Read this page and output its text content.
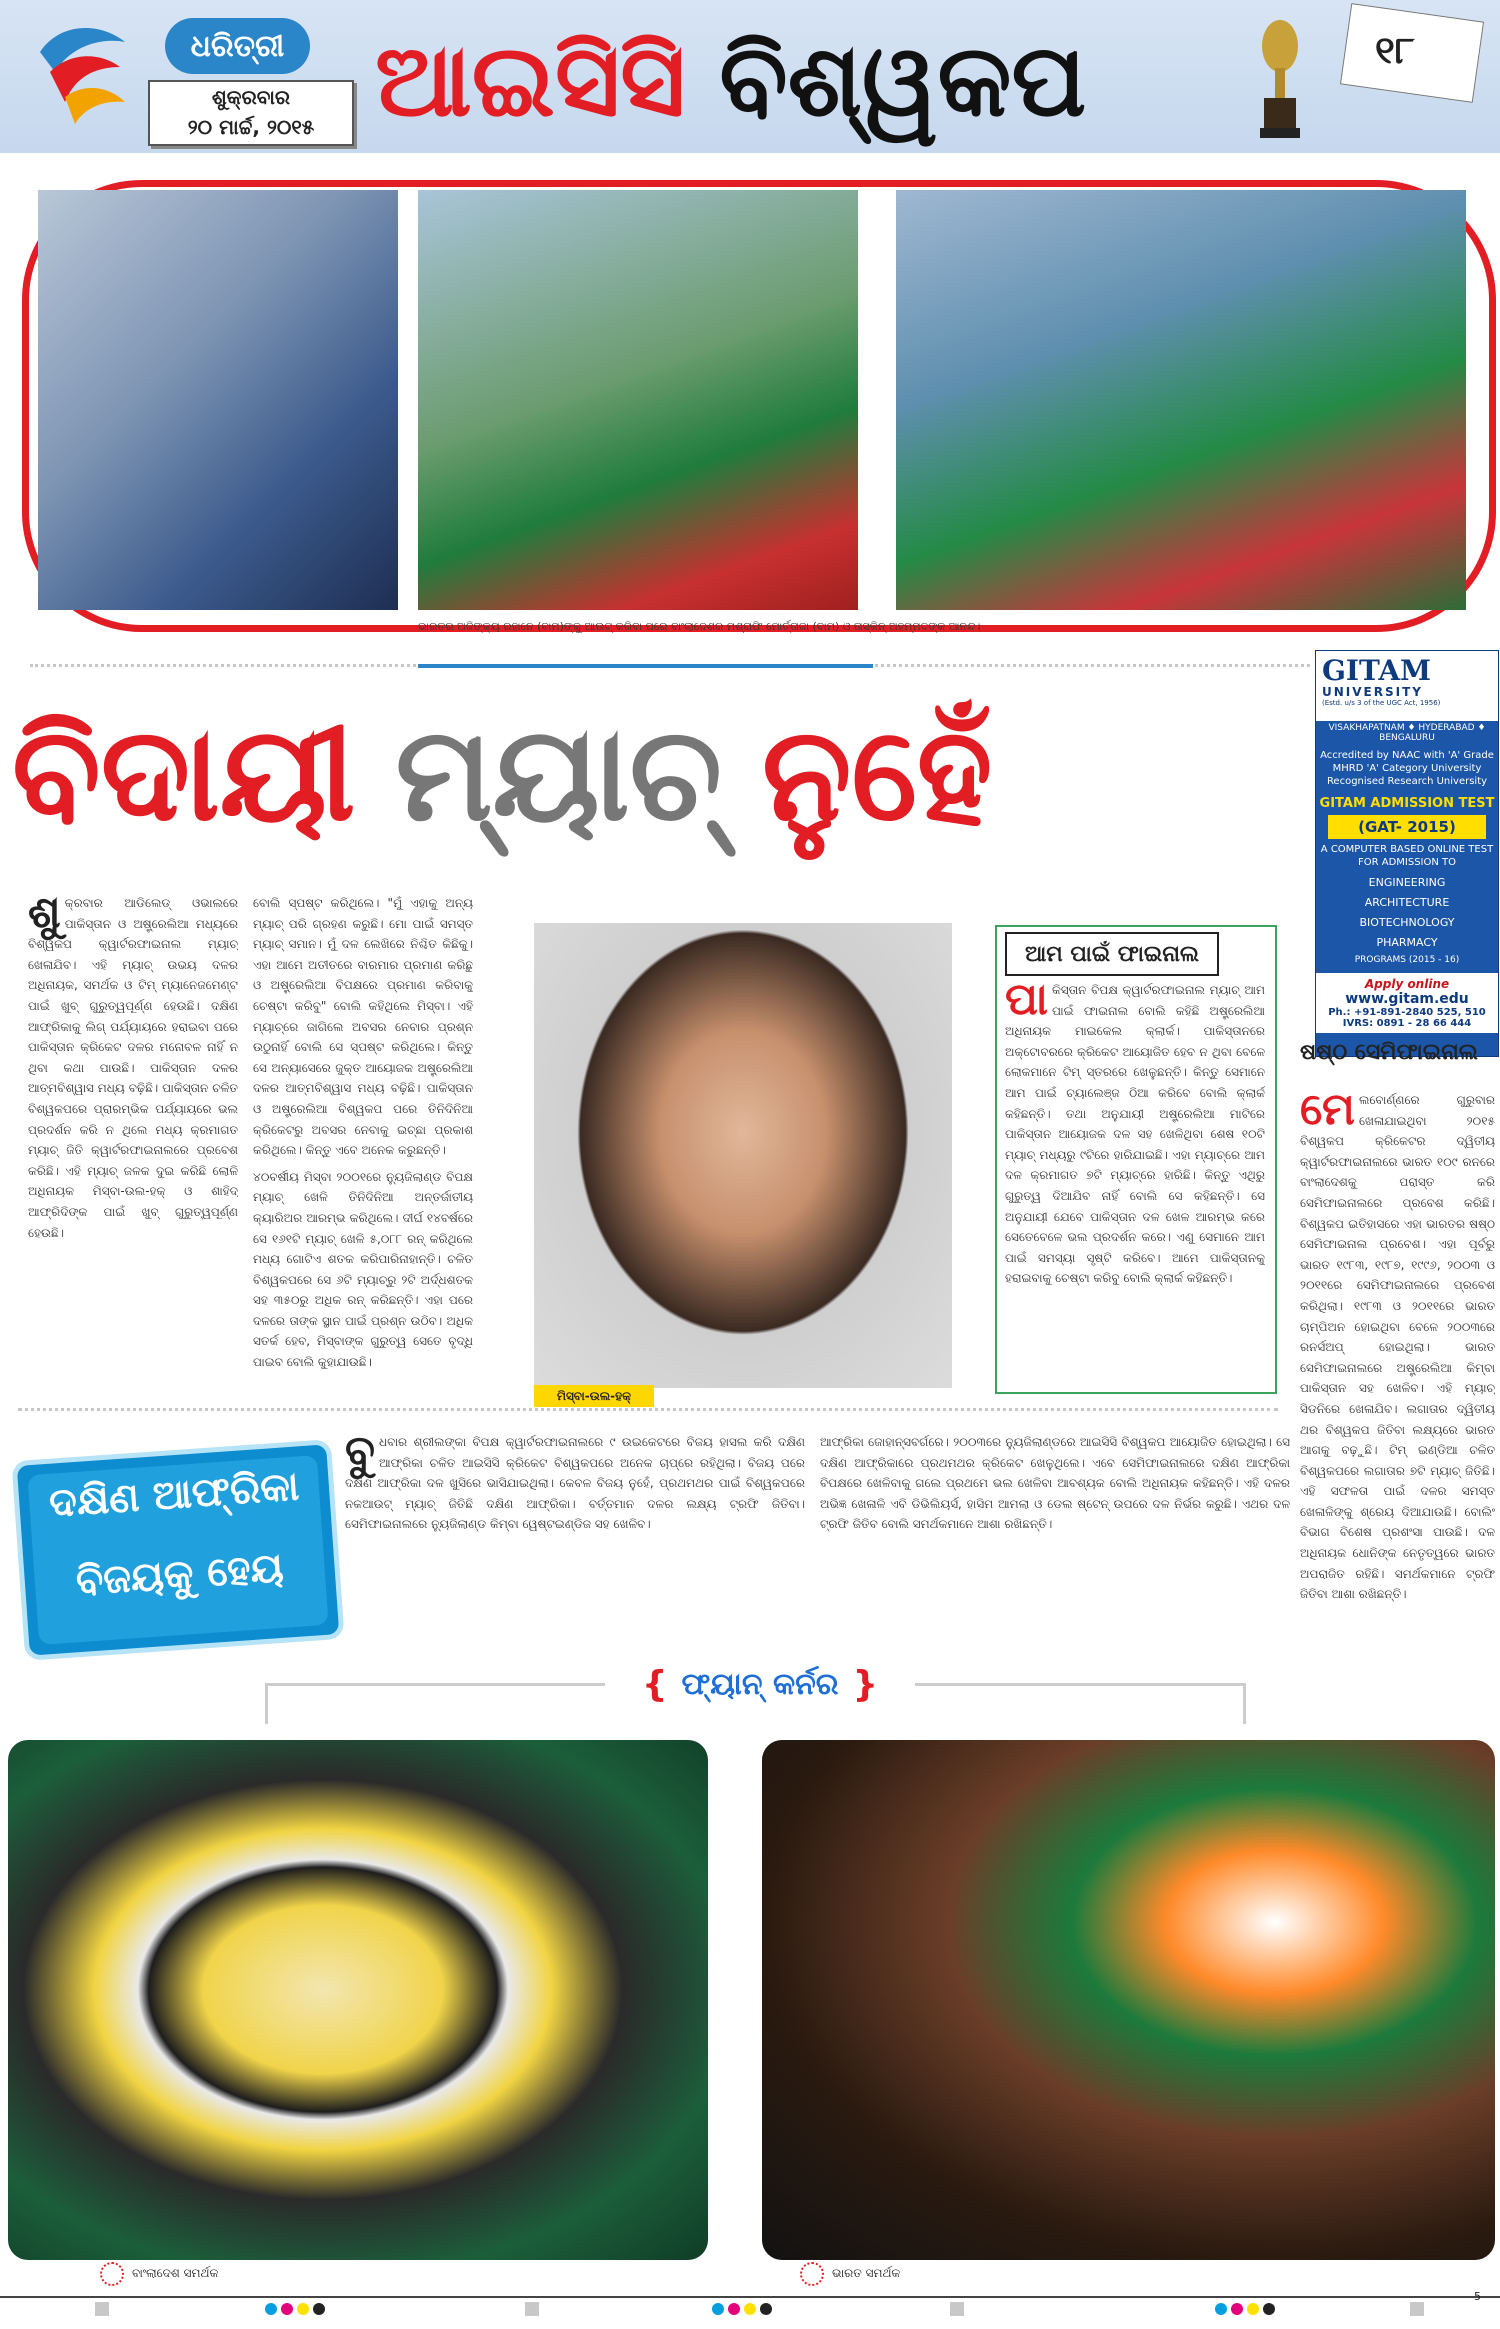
ଧରିତ୍ରୀ
ଶୁକ୍ରବାର
୨୦ ମାର୍ଚ୍ଚ, ୨୦୧୫ ଆଇସିସି ବିଶ୍ୱକପ	୧୮
ଭାରତର ଅଜିଙ୍କ୍ୟ ରହାନେ (ବାମ)ଙ୍କୁ ଆଉଟ୍ କରିବା ପରେ ବାଂଲାଦେଶର ମଶ୍ରାଫି ମୋର୍ତ୍ତାଜା (ବାମ) ଓ ତାସ୍କିନ୍ ଅହମ୍ମଦଙ୍କ ଆନନ୍ଦ।
ବିଦାୟୀ ମ୍ୟାଚ୍ ନୁହେଁ
GITAM
UNIVERSITY
(Estd. u/s 3 of the UGC Act, 1956)
VISAKHAPATNAM ♦ HYDERABAD ♦ BENGALURU
Accredited by NAAC with 'A' Grade MHRD 'A' Category University Recognised Research University
GITAM ADMISSION TEST
(GAT- 2015)
A COMPUTER BASED ONLINE TEST FOR ADMISSION TO
ENGINEERING
ARCHITECTURE
BIOTECHNOLOGY
PHARMACY
PROGRAMS (2015 - 16)
Apply online
www.gitam.edu
Ph.: +91-891-2840 525, 510
IVRS: 0891 - 28 66 444
ଶୁକ୍ରବାର ଆଡିଲେଡ୍ ଓଭାଲରେ ପାକିସ୍ତାନ ଓ ଅଷ୍ଟ୍ରେଲିଆ ମଧ୍ୟରେ ବିଶ୍ୱକପ କ୍ୱାର୍ଟରଫାଇନାଲ ମ୍ୟାଚ୍ ଖେଳାଯିବ। ଏହି ମ୍ୟାଚ୍ ଉଭୟ ଦଳର ଅଧିନାୟକ, ସମର୍ଥକ ଓ ଟିମ୍ ମ୍ୟାନେଜମେଣ୍ଟ ପାଇଁ ଖୁବ୍ ଗୁରୁତ୍ୱପୂର୍ଣ୍ଣ ହେଉଛି। ଦକ୍ଷିଣ ଆଫ୍ରିକାକୁ ଲିଗ୍ ପର୍ଯ୍ୟାୟରେ ହରାଇବା ପରେ ପାକିସ୍ତାନ କ୍ରିକେଟ ଦଳର ମନୋବଳ ନାହିଁ ନ ଥିବା କଥା ପାଉଛି। ପାକିସ୍ତାନ ଦଳର ଆତ୍ମବିଶ୍ୱାସ ମଧ୍ୟ ବଢ଼ିଛି। ପାକିସ୍ତାନ ଚଳିତ ବିଶ୍ୱକପରେ ପ୍ରାରମ୍ଭିକ ପର୍ଯ୍ୟାୟରେ ଭଲ ପ୍ରଦର୍ଶନ କରି ନ ଥିଲେ ମଧ୍ୟ କ୍ରମାଗତ ମ୍ୟାଚ୍ ଜିତି କ୍ୱାର୍ଟରଫାଇନାଲରେ ପ୍ରବେଶ କରିଛି। ଏହି ମ୍ୟାଚ୍ ଜଳକ ଦୁଇ କରିଛି ଲୋଳି ଅଧିନାୟକ ମିସ୍ବା-ଉଲ-ହକ୍ ଓ ଶାହିଦ୍ ଆଫ୍ରିଦିଙ୍କ ପାଇଁ ଖୁବ୍ ଗୁରୁତ୍ୱପୂର୍ଣ୍ଣ ହେଉଛି।
ବୋଲି ସ୍ପଷ୍ଟ କରିଥିଲେ। "ମୁଁ ଏହାକୁ ଅନ୍ୟ ମ୍ୟାଚ୍ ପରି ଗ୍ରହଣ କରୁଛି। ମୋ ପାଇଁ ସମସ୍ତ ମ୍ୟାଚ୍ ସମାନ। ମୁଁ ଦଳ ଲେଖିରେ ନିଶ୍ଚିତ କିଛିକୁ। ଏହା ଆମେ ଅତୀତରେ ବାରମାର ପ୍ରମାଣ କରିଛୁ ଓ ଅଷ୍ଟ୍ରେଲିଆ ବିପକ୍ଷରେ ପ୍ରମାଣ କରିବାକୁ ଚେଷ୍ଟା କରିବୁ" ବୋଲି କହିଥିଲେ ମିସ୍ବା। ଏହି ମ୍ୟାଚ୍‌ରେ ଜାଗିଲେ ଅବସର ନେବାର ପ୍ରଶ୍ନ ଉଠୁନାହିଁ ବୋଲି ସେ ସ୍ପଷ୍ଟ କରିଥିଲେ। କିନ୍ତୁ ସେ ଅନ୍ୟାସେରେ ଜୁକ୍ତ ଆୟୋଜକ ଅଷ୍ଟ୍ରେଲିଆ ଦଳର ଆତ୍ମବିଶ୍ୱାସ ମଧ୍ୟ ବଢ଼ିଛି। ପାକିସ୍ତାନ ଓ ଅଷ୍ଟ୍ରେଲିଆ ବିଶ୍ୱକପ ପରେ ତିନିଦିନିଆ କ୍ରିକେଟରୁ ଅବସର ନେବାକୁ ଇଚ୍ଛା ପ୍ରକାଶ କରିଥିଲେ। କିନ୍ତୁ ଏବେ ଅନେକ କରୁଛନ୍ତି।

୪୦ବର୍ଷୀୟ ମିସ୍ବା ୨୦୦୧ରେ ନ୍ୟୁଜିଲାଣ୍ଡ ବିପକ୍ଷ ମ୍ୟାଚ୍ ଖେଳି ତିନିଦିନିଆ ଅନ୍ତର୍ଜାତୀୟ କ୍ୟାରିଅର ଆରମ୍ଭ କରିଥିଲେ। ଦୀର୍ଘ ୧୪ବର୍ଷରେ ସେ ୧୬୧ଟି ମ୍ୟାଚ୍ ଖେଳି ୫,୦୮୮ ରନ୍ କରିଥିଲେ ମଧ୍ୟ ଗୋଟିଏ ଶତକ କରିପାରିନାହାନ୍ତି। ଚଳିତ ବିଶ୍ୱକପରେ ସେ ୬ଟି ମ୍ୟାଚ୍‌ରୁ ୨ଟି ଅର୍ଦ୍ଧଶତକ ସହ ୩୫୦ରୁ ଅଧିକ ରନ୍ କରିଛନ୍ତି। ଏହା ପରେ ଦଳରେ ତାଙ୍କ ସ୍ଥାନ ପାଇଁ ପ୍ରଶ୍ନ ଉଠିବ। ଅଧିକ ସତର୍କ ହେବ, ମିସ୍ବାଙ୍କ ଗୁରୁତ୍ୱ ସେତେ ବୃଦ୍ଧି ପାଇବ ବୋଲି କୁହାଯାଉଛି।

ମିସ୍ବା-ଉଲ-ହକ୍
ଆମ ପାଇଁ ଫାଇନାଲ
ପାକିସ୍ତାନ ବିପକ୍ଷ କ୍ୱାର୍ଟରଫାଇନାଲ ମ୍ୟାଚ୍ ଆମ ପାଇଁ ଫାଇନାଲ ବୋଲି କହିଛି ଅଷ୍ଟ୍ରେଲିଆ ଅଧିନାୟକ ମାଇକେଲ କ୍ଲାର୍କ। ପାକିସ୍ତାନରେ ଅକ୍ଟୋବରରେ କ୍ରିକେଟ ଆୟୋଜିତ ହେବ ନ ଥିବା ବେଳେ ଲୋକମାନେ ଟିମ୍ ସ୍ତରରେ ଖେଳୁଛନ୍ତି। କିନ୍ତୁ ସେମାନେ ଆମ ପାଇଁ ଚ୍ୟାଲେଞ୍ଜ ଠିଆ କରିବେ ବୋଲି କ୍ଲାର୍କ କହିଛନ୍ତି। ତଥା ଅନୁଯାୟୀ ଅଷ୍ଟ୍ରେଲିଆ ମାଟିରେ ପାକିସ୍ତାନ ଆୟୋଜକ ଦଳ ସହ ଖେଳିଥିବା ଶେଷ ୧୦ଟି ମ୍ୟାଚ୍ ମଧ୍ୟରୁ ୯ଟିରେ ହାରିଯାଇଛି। ଏହା ମ୍ୟାଚ୍‌ରେ ଆମ ଦଳ କ୍ରମାଗତ ୭ଟି ମ୍ୟାଚ୍‌ରେ ହାରିଛି। କିନ୍ତୁ ଏଥିରୁ ଗୁରୁତ୍ୱ ଦିଆଯିବ ନାହିଁ ବୋଲି ସେ କହିଛନ୍ତି। ସେ ଅନୁଯାୟୀ ଯେବେ ପାକିସ୍ତାନ ଦଳ ଖେଳ ଆରମ୍ଭ କରେ ସେତେବେଳେ ଭଲ ପ୍ରଦର୍ଶନ କରେ। ଏଣୁ ସେମାନେ ଆମ ପାଇଁ ସମସ୍ୟା ସୃଷ୍ଟି କରିବେ। ଆମେ ପାକିସ୍ତାନକୁ ହରାଇବାକୁ ଚେଷ୍ଟା କରିବୁ ବୋଲି କ୍ଲାର୍କ କହିଛନ୍ତି।
ଷଷ୍ଠ ସେମିଫାଇନାଲ
ମେଲବୋର୍ଣ୍ଣରେ ଗୁରୁବାର ଖେଳାଯାଇଥିବା ୨୦୧୫ ବିଶ୍ୱକପ କ୍ରିକେଟର ଦ୍ୱିତୀୟ କ୍ୱାର୍ଟରଫାଇନାଲରେ ଭାରତ ୧୦୯ ରନରେ ବାଂଲାଦେଶକୁ ପରାସ୍ତ କରି ସେମିଫାଇନାଲରେ ପ୍ରବେଶ କରିଛି। ବିଶ୍ୱକପ ଇତିହାସରେ ଏହା ଭାରତର ଷଷ୍ଠ ସେମିଫାଇନାଲ ପ୍ରବେଶ। ଏହା ପୂର୍ବରୁ ଭାରତ ୧୯୮୩, ୧୯୮୭, ୧୯୯୬, ୨୦୦୩ ଓ ୨୦୧୧ରେ ସେମିଫାଇନାଲରେ ପ୍ରବେଶ କରିଥିଲା। ୧୯୮୩ ଓ ୨୦୧୧ରେ ଭାରତ ଚାମ୍ପିଅନ ହୋଇଥିବା ବେଳେ ୨୦୦୩ରେ ରନର୍ସଅପ୍ ହୋଇଥିଲା। ଭାରତ ସେମିଫାଇନାଲରେ ଅଷ୍ଟ୍ରେଲିଆ କିମ୍ବା ପାକିସ୍ତାନ ସହ ଖେଳିବ। ଏହି ମ୍ୟାଚ୍ ସିଡନିରେ ଖେଳାଯିବ। ଲଗାତାର ଦ୍ୱିତୀୟ ଥର ବିଶ୍ୱକପ ଜିତିବା ଲକ୍ଷ୍ୟରେ ଭାରତ ଆଗକୁ ବଢ଼ୁଛି। ଟିମ୍ ଇଣ୍ଡିଆ ଚଳିତ ବିଶ୍ୱକପରେ ଲଗାତାର ୭ଟି ମ୍ୟାଚ୍ ଜିତିଛି। ଏହି ସଫଳତା ପାଇଁ ଦଳର ସମସ୍ତ ଖେଳାଳିଙ୍କୁ ଶ୍ରେୟ ଦିଆଯାଉଛି। ବୋଲିଂ ବିଭାଗ ବିଶେଷ ପ୍ରଶଂସା ପାଉଛି। ଦଳ ଅଧିନାୟକ ଧୋନିଙ୍କ ନେତୃତ୍ୱରେ ଭାରତ ଅପରାଜିତ ରହିଛି। ସମର୍ଥକମାନେ ଟ୍ରଫି ଜିତିବା ଆଶା ରଖିଛନ୍ତି।
ଦକ୍ଷିଣ ଆଫ୍ରିକା
ବିଜୟକୁ ହେୟ
ବୁଧବାର ଶ୍ରୀଲଙ୍କା ବିପକ୍ଷ କ୍ୱାର୍ଟରଫାଇନାଲରେ ୯ ଉଇକେଟରେ ବିଜୟ ହାସଲ କରି ଦକ୍ଷିଣ ଆଫ୍ରିକା ଚଳିତ ଆଇସିସି କ୍ରିକେଟ ବିଶ୍ୱକପରେ ଅନେକ ଚାପ୍‌ରେ ରହିଥିଲା। ବିଜୟ ପରେ ଦକ୍ଷିଣ ଆଫ୍ରିକା ଦଳ ଖୁସିରେ ଭାସିଯାଇଥିଲା। କେବଳ ବିଜୟ ନୁହେଁ, ପ୍ରଥମଥର ପାଇଁ ବିଶ୍ୱକପରେ ନକଆଉଟ୍ ମ୍ୟାଚ୍ ଜିତିଛି ଦକ୍ଷିଣ ଆଫ୍ରିକା। ବର୍ତ୍ତମାନ ଦଳର ଲକ୍ଷ୍ୟ ଟ୍ରଫି ଜିତିବା। ସେମିଫାଇନାଲରେ ନ୍ୟୁଜିଲାଣ୍ଡ କିମ୍ବା ୱେଷ୍ଟଇଣ୍ଡିଜ ସହ ଖେଳିବ।
ଆଫ୍ରିକା ଜୋହାନ୍ସବର୍ଗରେ। ୨୦୦୩ରେ ନ୍ୟୁଜିଲାଣ୍ଡରେ ଆଇସିସି ବିଶ୍ୱକପ ଆୟୋଜିତ ହୋଇଥିଲା। ସେ ଦକ୍ଷିଣ ଆଫ୍ରିକାରେ ପ୍ରଥମଥର କ୍ରିକେଟ ଖେଳୁଥିଲେ। ଏବେ ସେମିଫାଇନାଲରେ ଦକ୍ଷିଣ ଆଫ୍ରିକା ବିପକ୍ଷରେ ଖେଳିବାକୁ ଗଲେ ପ୍ରଥମେ ଭଲ ଖେଳିବା ଆବଶ୍ୟକ ବୋଲି ଅଧିନାୟକ କହିଛନ୍ତି। ଏହି ଦଳର ଅଭିଜ୍ଞ ଖେଳାଳି ଏବି ଡିଭିଲିୟର୍ସ, ହାସିମ ଆମଲା ଓ ଡେଲ ଷ୍ଟେନ୍ ଉପରେ ଦଳ ନିର୍ଭର କରୁଛି। ଏଥର ଦଳ ଟ୍ରଫି ଜିତିବ ବୋଲି ସମର୍ଥକମାନେ ଆଶା ରଖିଛନ୍ତି।
{ ଫ୍ୟାନ୍ କର୍ନର }
ବାଂଲାଦେଶ ସମର୍ଥକ	ଭାରତ ସମର୍ଥକ
5
